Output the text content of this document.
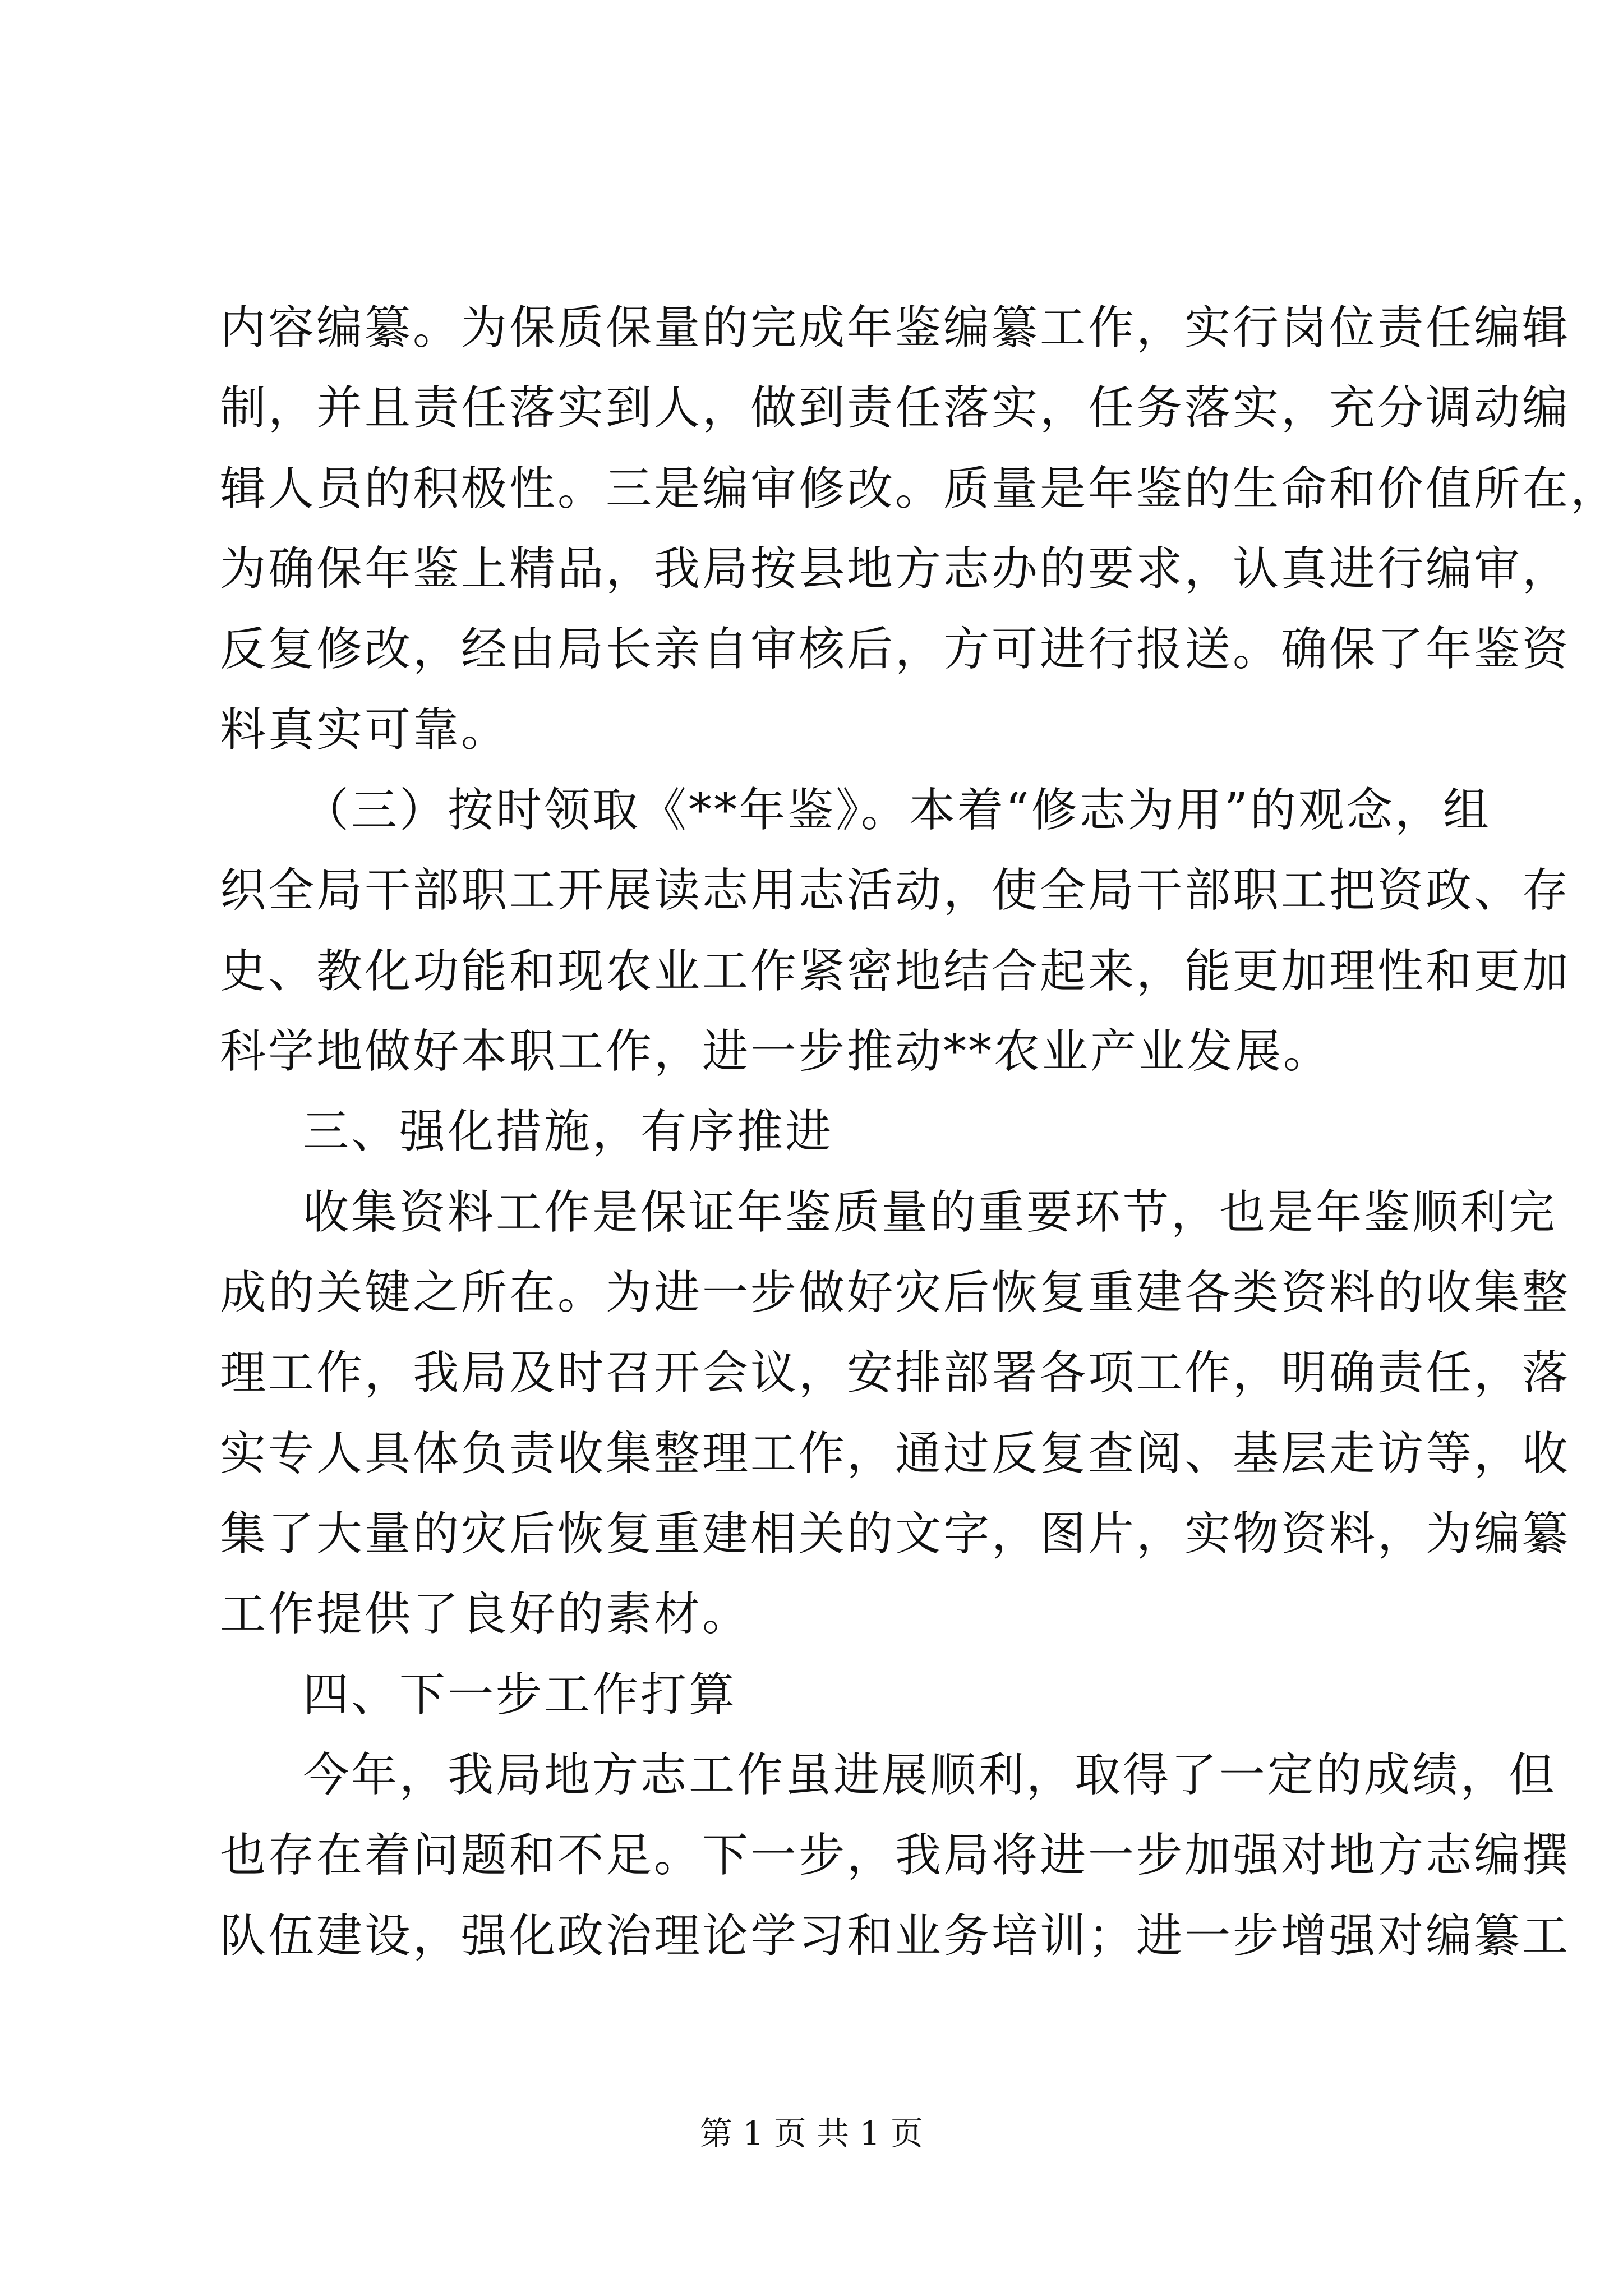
内容编纂。为保质保量的完成年鉴编纂工作，实行岗位责任编辑
制，并且责任落实到人，做到责任落实，任务落实，充分调动编
辑人员的积极性。三是编审修改。质量是年鉴的生命和价值所在，
为确保年鉴上精品，我局按县地方志办的要求，认真进行编审，
反复修改，经由局长亲自审核后，方可进行报送。确保了年鉴资
料真实可靠。
（三）按时领取《**年鉴》。本着“修志为用”的观念，组
织全局干部职工开展读志用志活动，使全局干部职工把资政、存
史、教化功能和现农业工作紧密地结合起来，能更加理性和更加
科学地做好本职工作，进一步推动**农业产业发展。
三、强化措施，有序推进
收集资料工作是保证年鉴质量的重要环节，也是年鉴顺利完
成的关键之所在。为进一步做好灾后恢复重建各类资料的收集整
理工作，我局及时召开会议，安排部署各项工作，明确责任，落
实专人具体负责收集整理工作，通过反复查阅、基层走访等，收
集了大量的灾后恢复重建相关的文字，图片，实物资料，为编纂
工作提供了良好的素材。
四、下一步工作打算
今年，我局地方志工作虽进展顺利，取得了一定的成绩，但
也存在着问题和不足。下一步，我局将进一步加强对地方志编撰
队伍建设，强化政治理论学习和业务培训；进一步增强对编纂工
第 1 页 共 1 页
